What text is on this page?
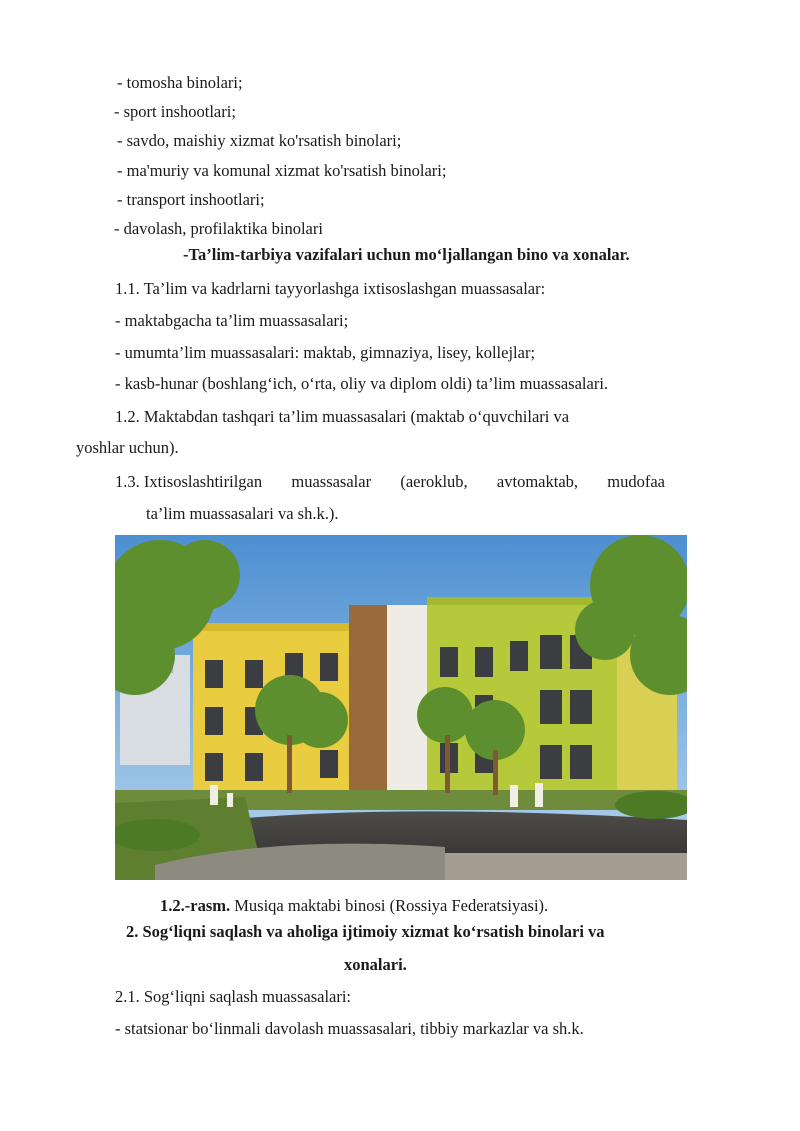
- tomosha binolari;
- sport inshootlari;
- savdo, maishiy xizmat ko'rsatish binolari;
- ma'muriy va komunal xizmat ko'rsatish binolari;
- transport inshootlari;
- davolash, profilaktika binolari
-Ta’lim-tarbiya vazifalari uchun mo‘ljallangan bino va xonalar.
1.1. Ta’lim va kadrlarni tayyorlashga ixtisoslashgan muassasalar:
- maktabgacha ta’lim muassasalari;
- umumta’lim muassasalari: maktab, gimnaziya, lisey, kollejlar;
- kasb-hunar (boshlang‘ich, o‘rta, oliy va diplom oldi) ta’lim muassasalari.
1.2. Maktabdan tashqari ta’lim muassasalari (maktab o‘quvchilari va
yoshlar uchun).
1.3. Ixtisoslashtirilgan muassasalar (aeroklub, avtomaktab, mudofaa
ta’lim muassasalari va sh.k.).
1.2.-rasm. Musiqa maktabi binosi (Rossiya Federatsiyasi).
2. Sog‘liqni saqlash va aholiga ijtimoiy xizmat ko‘rsatish binolari va
xonalari.
2.1. Sog‘liqni saqlash muassasalari:
- statsionar bo‘linmali davolash muassasalari, tibbiy markazlar va sh.k.
